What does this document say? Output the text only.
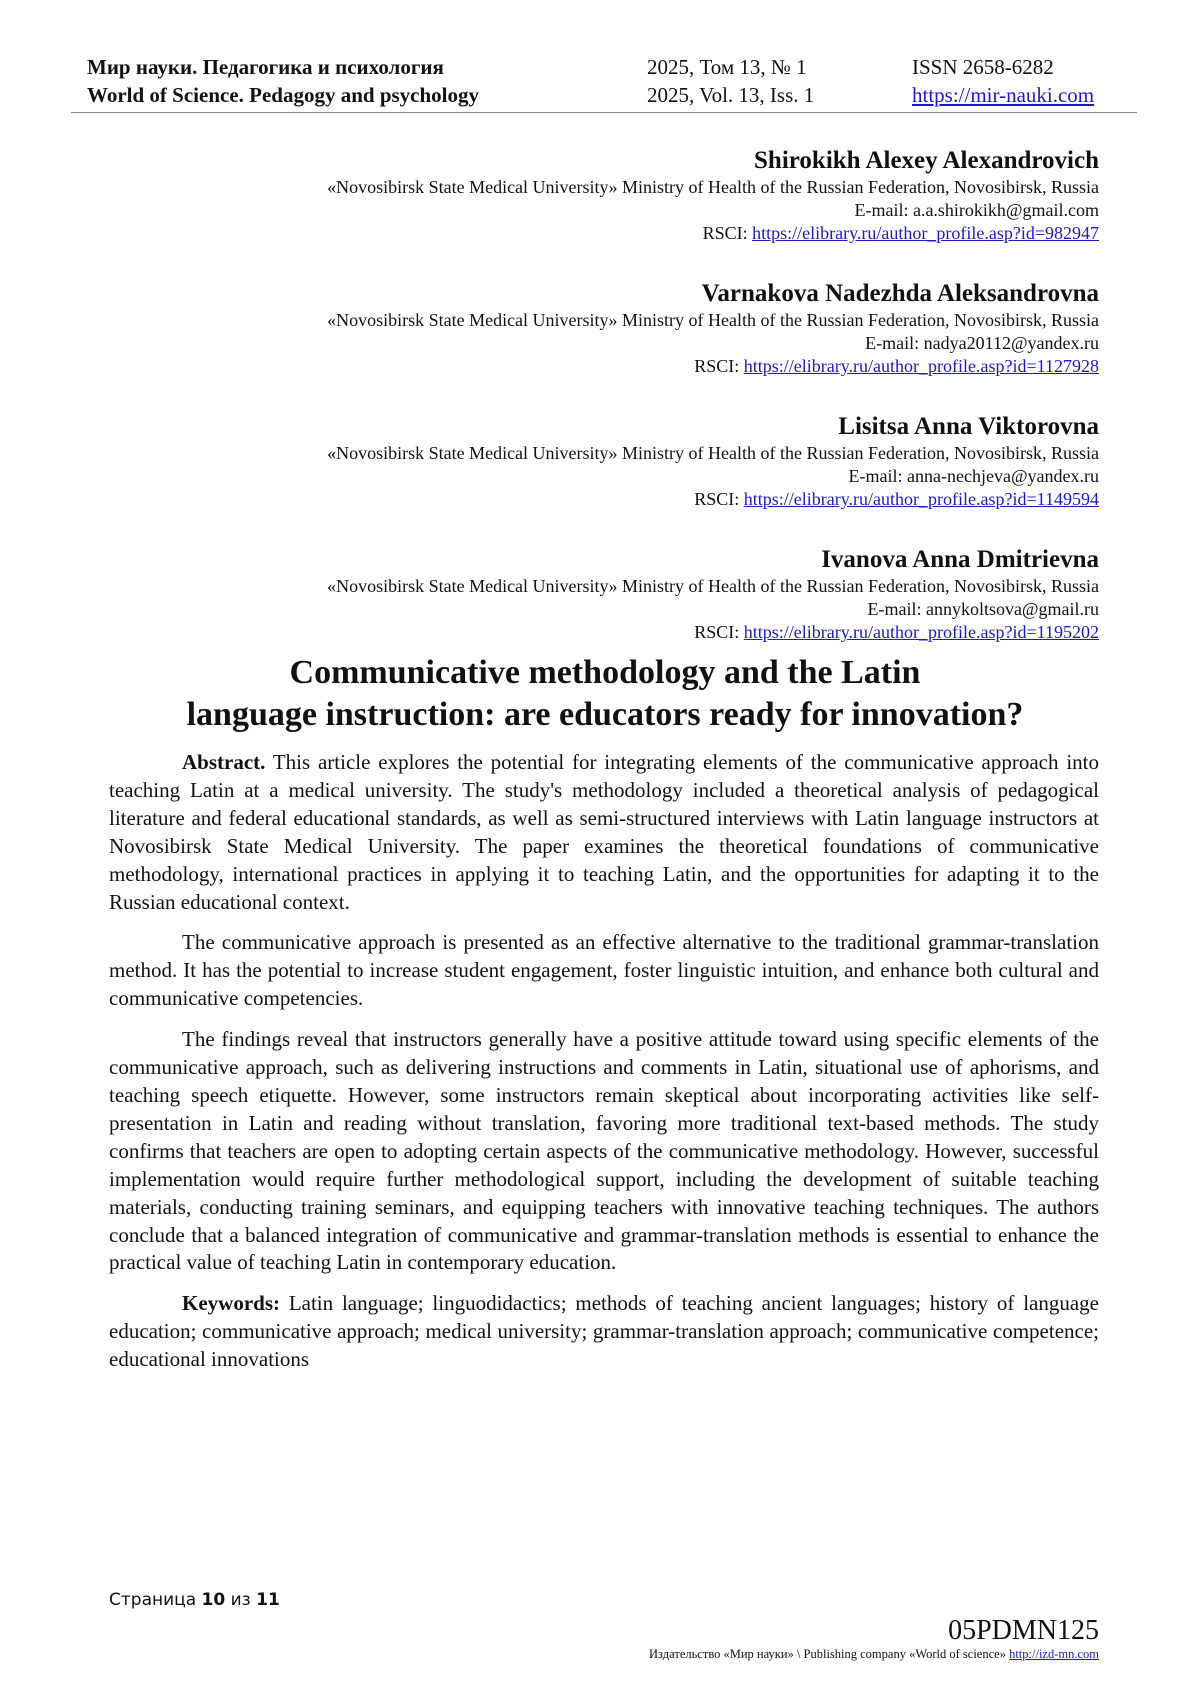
Мир науки. Педагогика и психология
World of Science. Pedagogy and psychology
2025, Том 13, № 1
2025, Vol. 13, Iss. 1
ISSN 2658-6282
https://mir-nauki.com
Shirokikh Alexey Alexandrovich
«Novosibirsk State Medical University» Ministry of Health of the Russian Federation, Novosibirsk, Russia
E-mail: a.a.shirokikh@gmail.com
RSCI: https://elibrary.ru/author_profile.asp?id=982947
Varnakova Nadezhda Aleksandrovna
«Novosibirsk State Medical University» Ministry of Health of the Russian Federation, Novosibirsk, Russia
E-mail: nadya20112@yandex.ru
RSCI: https://elibrary.ru/author_profile.asp?id=1127928
Lisitsa Anna Viktorovna
«Novosibirsk State Medical University» Ministry of Health of the Russian Federation, Novosibirsk, Russia
E-mail: anna-nechjeva@yandex.ru
RSCI: https://elibrary.ru/author_profile.asp?id=1149594
Ivanova Anna Dmitrievna
«Novosibirsk State Medical University» Ministry of Health of the Russian Federation, Novosibirsk, Russia
E-mail: annykoltsova@gmail.ru
RSCI: https://elibrary.ru/author_profile.asp?id=1195202
Communicative methodology and the Latin
language instruction: are educators ready for innovation?

Abstract. This article explores the potential for integrating elements of the communicative approach into teaching Latin at a medical university. The study's methodology included a theoretical analysis of pedagogical literature and federal educational standards, as well as semi-structured interviews with Latin language instructors at Novosibirsk State Medical University. The paper examines the theoretical foundations of communicative methodology, international practices in applying it to teaching Latin, and the opportunities for adapting it to the Russian educational context.

The communicative approach is presented as an effective alternative to the traditional grammar-translation method. It has the potential to increase student engagement, foster linguistic intuition, and enhance both cultural and communicative competencies.

The findings reveal that instructors generally have a positive attitude toward using specific elements of the communicative approach, such as delivering instructions and comments in Latin, situational use of aphorisms, and teaching speech etiquette. However, some instructors remain skeptical about incorporating activities like self-presentation in Latin and reading without translation, favoring more traditional text-based methods. The study confirms that teachers are open to adopting certain aspects of the communicative methodology. However, successful implementation would require further methodological support, including the development of suitable teaching materials, conducting training seminars, and equipping teachers with innovative teaching techniques. The authors conclude that a balanced integration of communicative and grammar-translation methods is essential to enhance the practical value of teaching Latin in contemporary education.

Keywords: Latin language; linguodidactics; methods of teaching ancient languages; history of language education; communicative approach; medical university; grammar-translation approach; communicative competence; educational innovations

Страница 10 из 11
05PDMN125
Издательство «Мир науки» \ Publishing company «World of science» http://izd-mn.com
